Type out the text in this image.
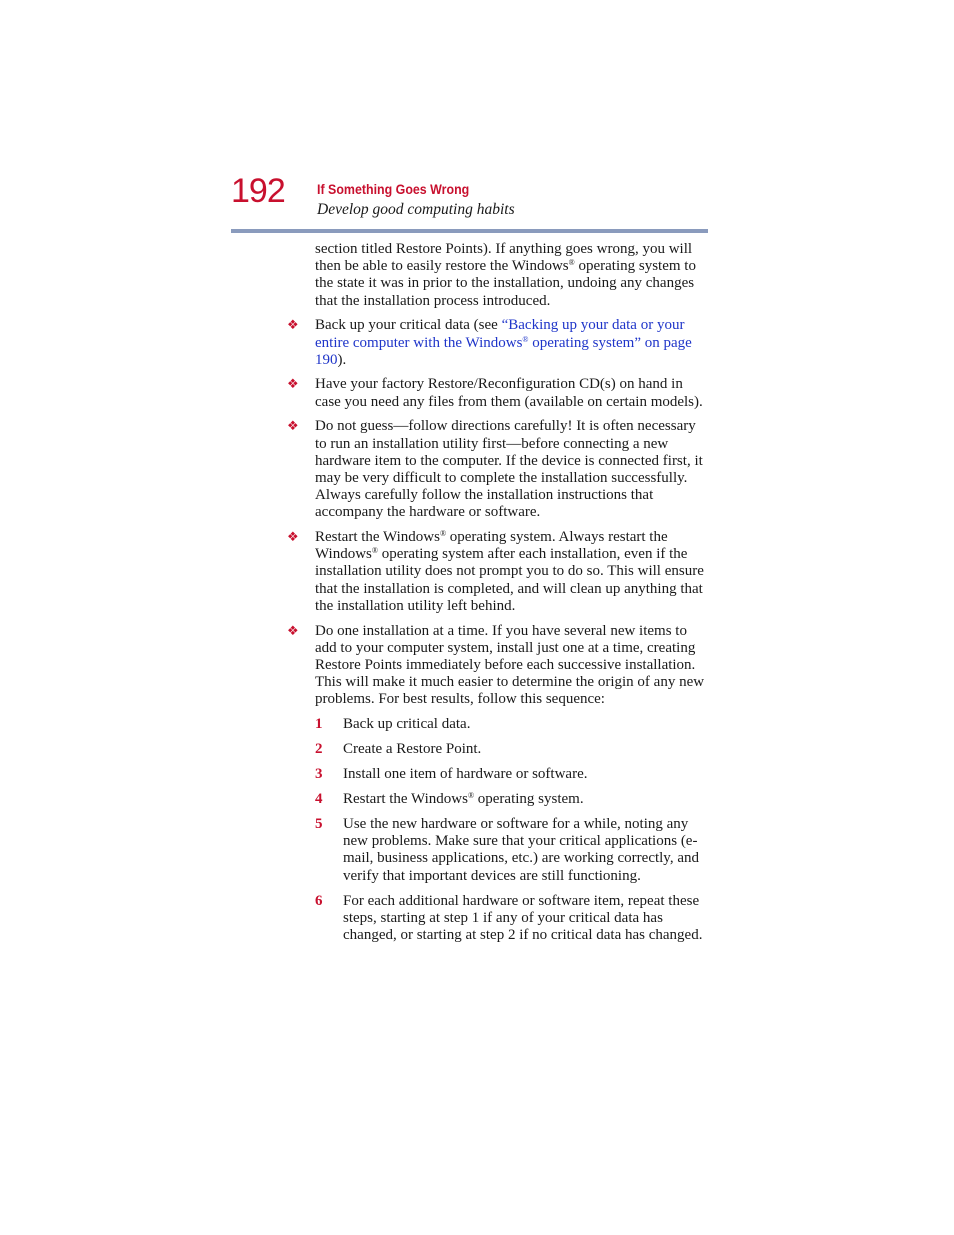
192 If Something Goes Wrong
Develop good computing habits

section titled Restore Points). If anything goes wrong, you will then be able to easily restore the Windows® operating system to the state it was in prior to the installation, undoing any changes that the installation process introduced.

❖ Back up your critical data (see “Backing up your data or your entire computer with the Windows® operating system” on page 190).
❖ Have your factory Restore/Reconfiguration CD(s) on hand in case you need any files from them (available on certain models).
❖ Do not guess—follow directions carefully! It is often necessary to run an installation utility first—before connecting a new hardware item to the computer. If the device is connected first, it may be very difficult to complete the installation successfully. Always carefully follow the installation instructions that accompany the hardware or software.
❖ Restart the Windows® operating system. Always restart the Windows® operating system after each installation, even if the installation utility does not prompt you to do so. This will ensure that the installation is completed, and will clean up anything that the installation utility left behind.
❖ Do one installation at a time. If you have several new items to add to your computer system, install just one at a time, creating Restore Points immediately before each successive installation. This will make it much easier to determine the origin of any new problems. For best results, follow this sequence:
1 Back up critical data.
2 Create a Restore Point.
3 Install one item of hardware or software.
4 Restart the Windows® operating system.
5 Use the new hardware or software for a while, noting any new problems. Make sure that your critical applications (e-mail, business applications, etc.) are working correctly, and verify that important devices are still functioning.
6 For each additional hardware or software item, repeat these steps, starting at step 1 if any of your critical data has changed, or starting at step 2 if no critical data has changed.
